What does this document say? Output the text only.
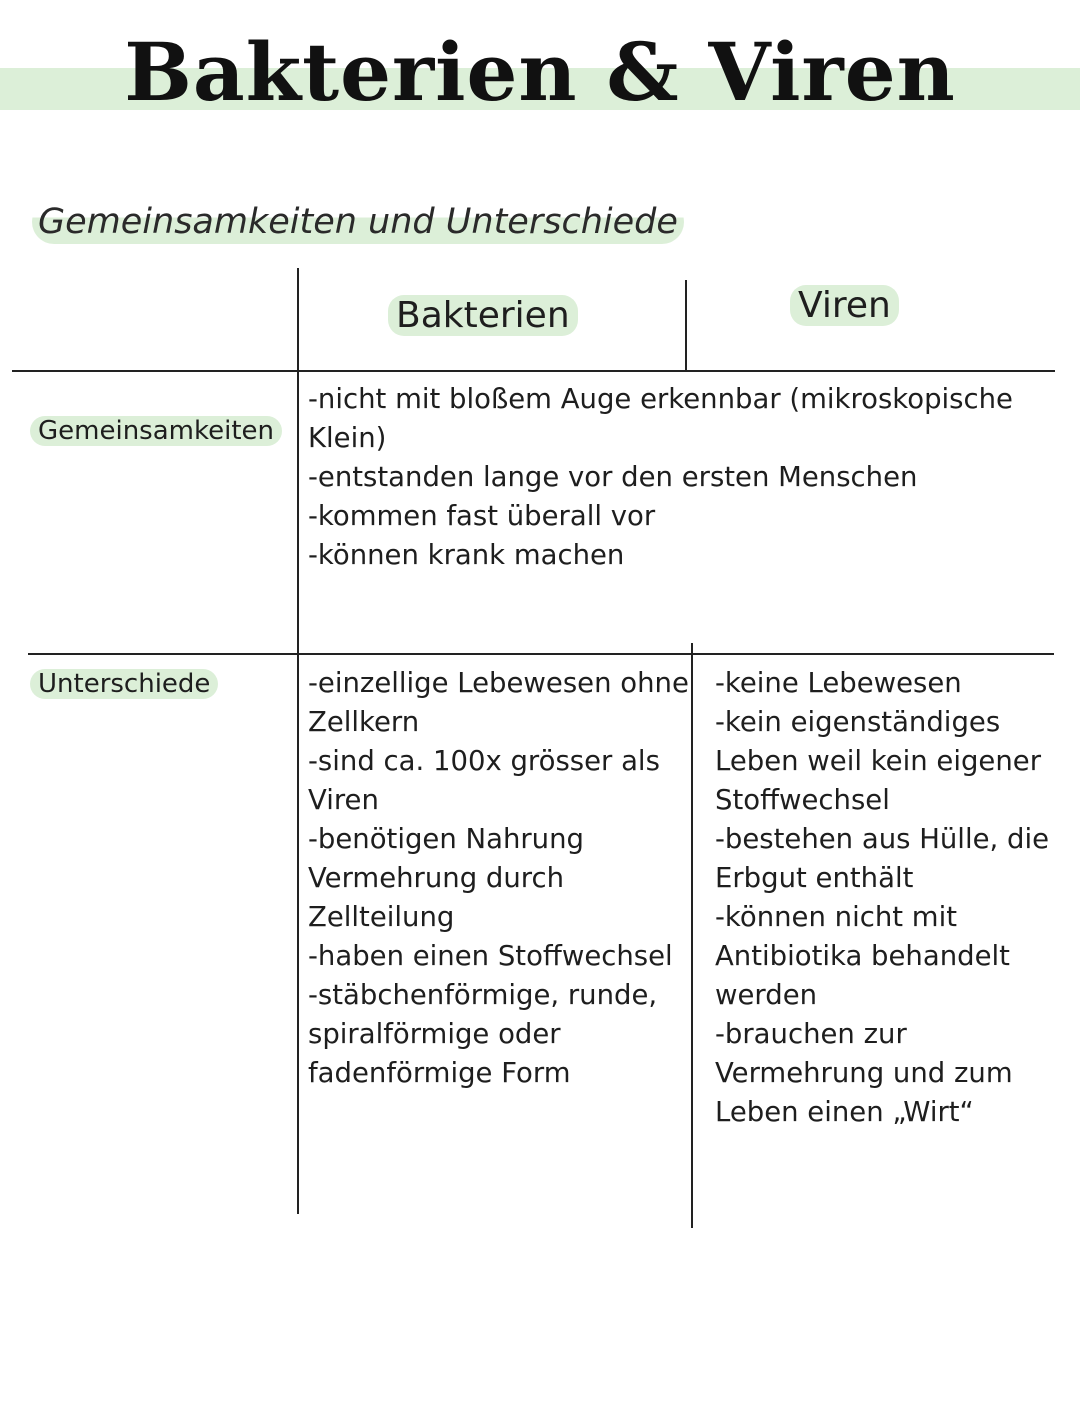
Bakterien & Viren
Gemeinsamkeiten und Unterschiede
Bakterien	Viren
Gemeinsamkeiten
Unterschiede
-nicht mit bloßem Auge erkennbar (mikroskopische
Klein)
-entstanden lange vor den ersten Menschen
-kommen fast überall vor
-können krank machen
-einzellige Lebewesen ohne
Zellkern
-sind ca. 100x grösser als
Viren
-benötigen Nahrung
Vermehrung durch
Zellteilung
-haben einen Stoffwechsel
-stäbchenförmige, runde,
spiralförmige oder
fadenförmige Form
-keine Lebewesen
-kein eigenständiges
Leben weil kein eigener
Stoffwechsel
-bestehen aus Hülle, die
Erbgut enthält
-können nicht mit
Antibiotika behandelt
werden
-brauchen zur
Vermehrung und zum
Leben einen „Wirt“
